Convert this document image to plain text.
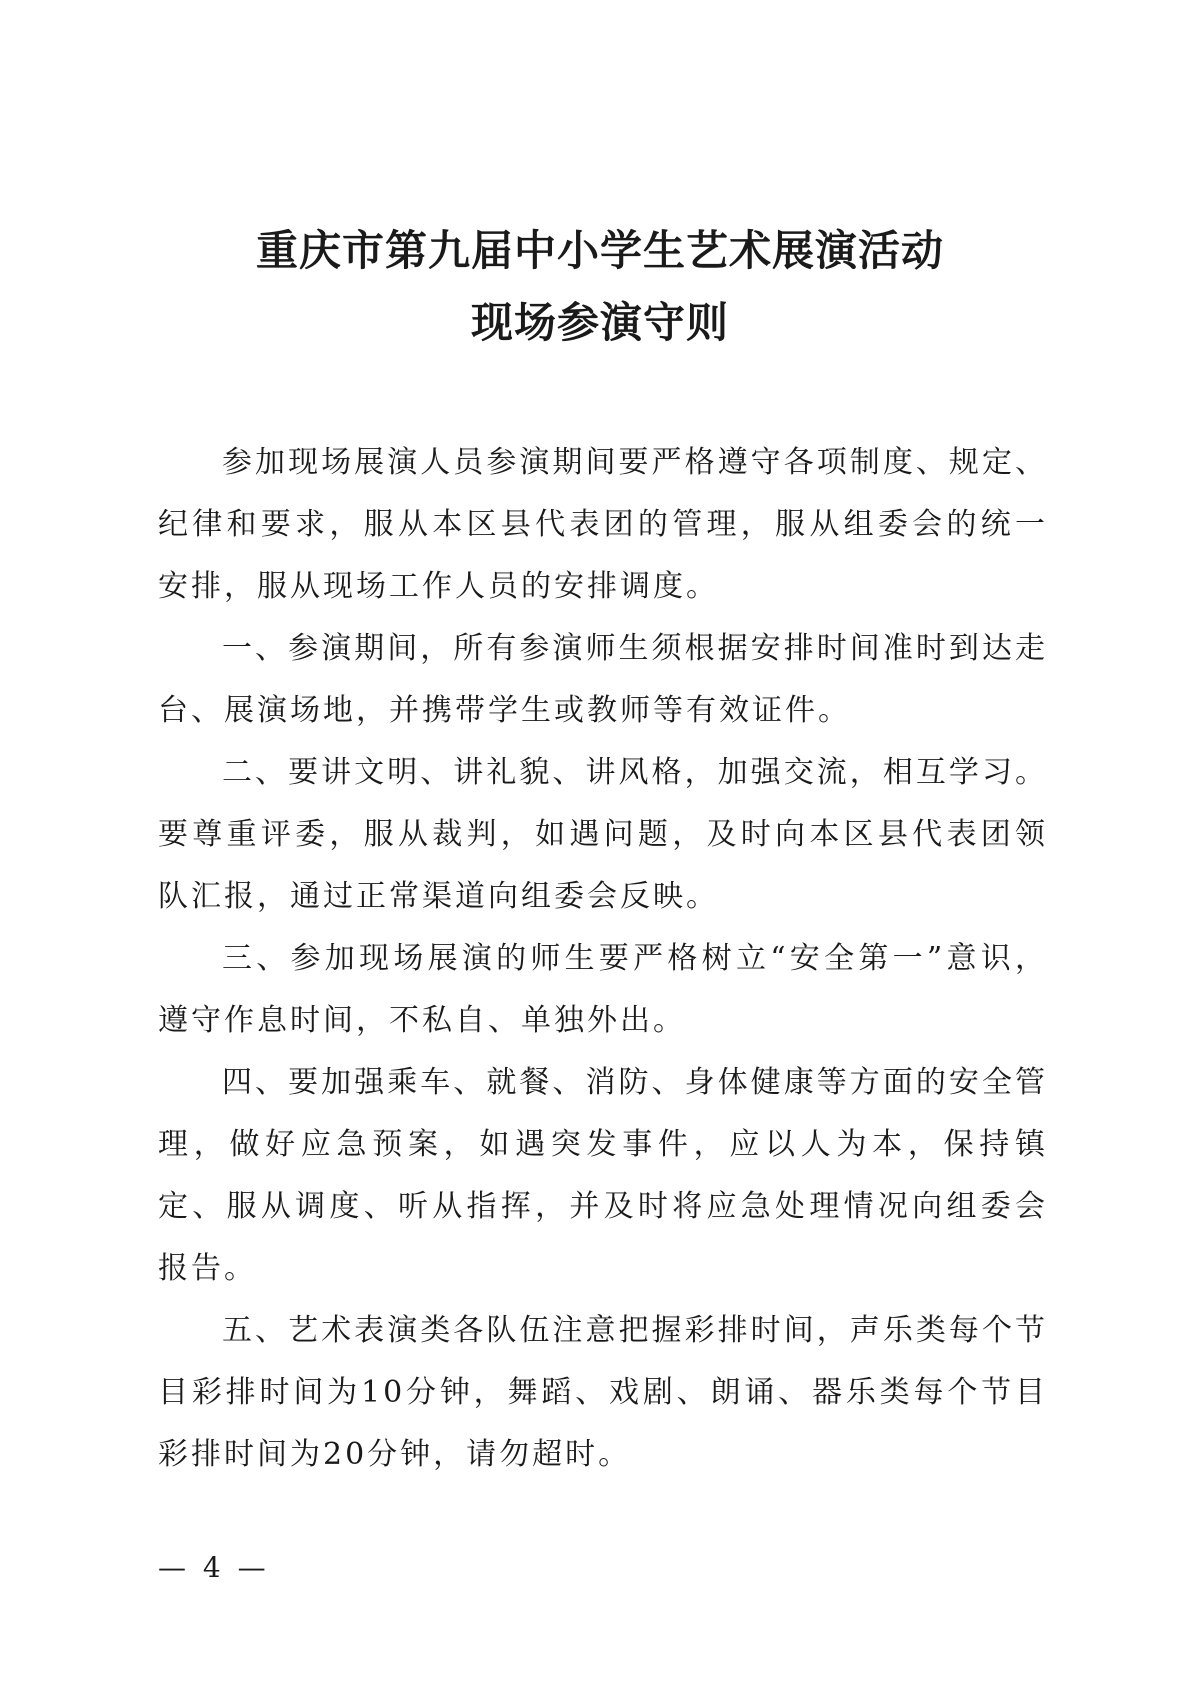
重庆市第九届中小学生艺术展演活动

现场参演守则

参加现场展演人员参演期间要严格遵守各项制度、规定、纪律和要求，服从本区县代表团的管理，服从组委会的统一安排，服从现场工作人员的安排调度。

一、参演期间，所有参演师生须根据安排时间准时到达走台、展演场地，并携带学生或教师等有效证件。

二、要讲文明、讲礼貌、讲风格，加强交流，相互学习。要尊重评委，服从裁判，如遇问题，及时向本区县代表团领队汇报，通过正常渠道向组委会反映。

三、参加现场展演的师生要严格树立“安全第一”意识，遵守作息时间，不私自、单独外出。

四、要加强乘车、就餐、消防、身体健康等方面的安全管理，做好应急预案，如遇突发事件，应以人为本，保持镇定、服从调度、听从指挥，并及时将应急处理情况向组委会报告。

五、艺术表演类各队伍注意把握彩排时间，声乐类每个节目彩排时间为10分钟，舞蹈、戏剧、朗诵、器乐类每个节目彩排时间为20分钟，请勿超时。

— 4 —
